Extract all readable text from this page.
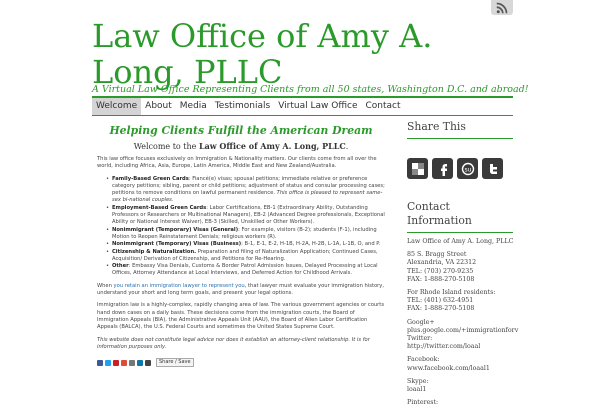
Law Office of Amy A. Long, PLLC
A Virtual Law Office Representing Clients from all 50 states, Washington D.C. and abroad!
Welcome About Media Testimonials Virtual Law Office Contact
Helping Clients Fulfill the American Dream
Welcome to the Law Office of Amy A. Long, PLLC.

This law office focuses exclusively on Immigration & Nationality matters. Our clients come from all over the world, including Africa, Asia, Europe, Latin America, Middle East and New Zealand/Australia.

• Family-Based Green Cards: Fiancé(e) visas; spousal petitions; immediate relative or preference category petitions; sibling, parent or child petitions; adjustment of status and consular processing cases; petitions to remove conditions on lawful permanent residence. This office is pleased to represent same-sex bi-national couples.
• Employment-Based Green Cards: Labor Certifications, EB-1 (Extraordinary Ability, Outstanding Professors or Researchers or Multinational Managers), EB-2 (Advanced Degree professionals, Exceptional Ability or National Interest Waiver), EB-3 (Skilled, Unskilled or Other Workers).
• Nonimmigrant (Temporary) Visas (General): For example, visitors (B-2); students (F-1), including Motion to Reopen Reinstatement Denials; religious workers (R).
• Nonimmigrant (Temporary) Visas (Business): B-1, E-1, E-2, H-1B, H-2A, H-2B, L-1A, L-1B, O, and P.
• Citizenship & Naturalization. Preparation and filing of Naturalization Application; Continued Cases, Acquisition/ Derivation of Citizenship, and Petitions for Re-Hearing.
• Other: Embassy Visa Denials, Customs & Border Patrol Admission Issues, Delayed Processing at Local Offices, Attorney Attendance at Local Interviews, and Deferred Action for Childhood Arrivals.

When you retain an immigration lawyer to represent you, that lawyer must evaluate your immigration history, understand your short and long term goals, and present your legal options.

Immigration law is a highly-complex, rapidly changing area of law. The various government agencies or courts hand down cases on a daily basis. These decisions come from the immigration courts, the Board of Immigration Appeals (BIA), the Administrative Appeals Unit (AAU), the Board of Alien Labor Certification Appeals (BALCA), the U.S. Federal Courts and sometimes the United States Supreme Court.

This website does not constitute legal advice nor does it establish an attorney-client relationship. It is for information purposes only.

Share / Save
Share This
su
Contact Information
Law Office of Amy A. Long, PLLC
85 S. Bragg Street
Alexandria, VA 22312
TEL: (703) 270-9235
FAX: 1-888-270-5108
For Rhode Island residents:
TEL: (401) 632-4951
FAX: 1-888-270-5108
Google+
plus.google.com/+immigrationforv
Twitter:
http://twitter.com/loaal
Facebook:
www.facebook.com/loaal1
Skype:
loaal1
Pinterest:
